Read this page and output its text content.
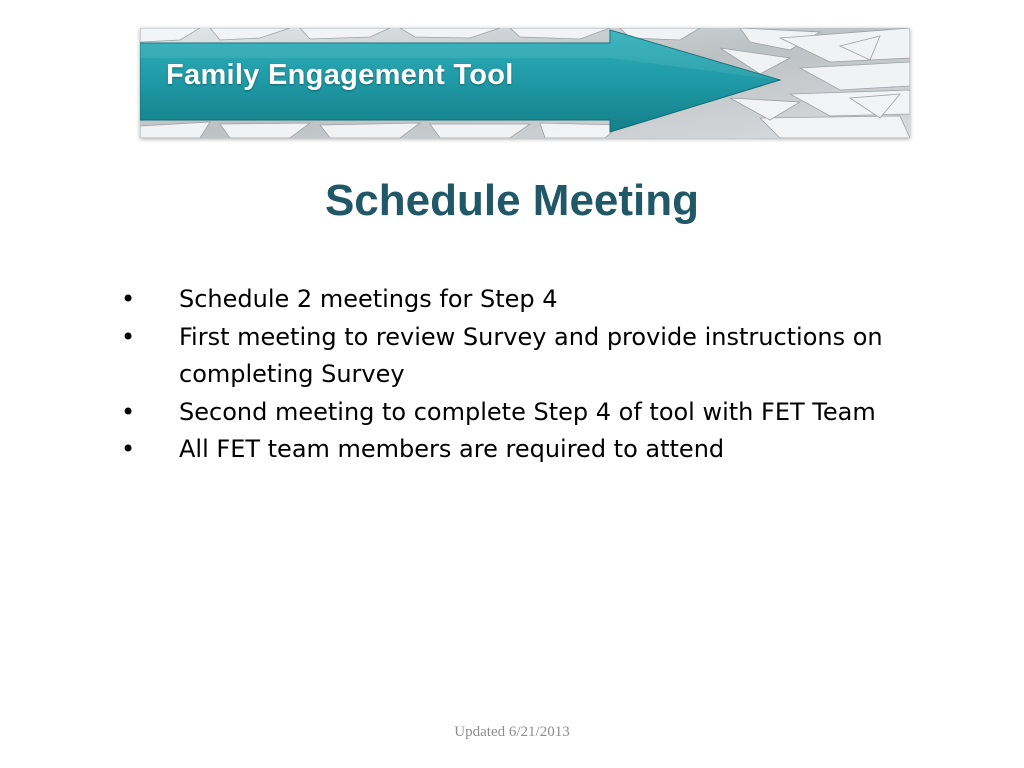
Family Engagement Tool
Schedule Meeting
• Schedule 2 meetings for Step 4
• First meeting to review Survey and provide instructions on completing Survey
• Second meeting to complete Step 4 of tool with FET Team
• All FET team members are required to attend
Updated 6/21/2013
